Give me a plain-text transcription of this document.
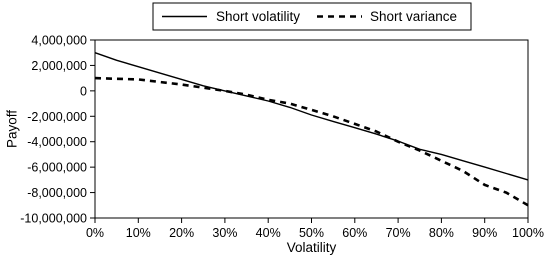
Short volatility	Short variance
4,000,000
2,000,000
0
-2,000,000
-4,000,000
-6,000,000
-8,000,000
-10,000,000
0% 10% 20% 30% 40% 50% 60% 70% 80% 90% 100%
Payoff
Volatility
